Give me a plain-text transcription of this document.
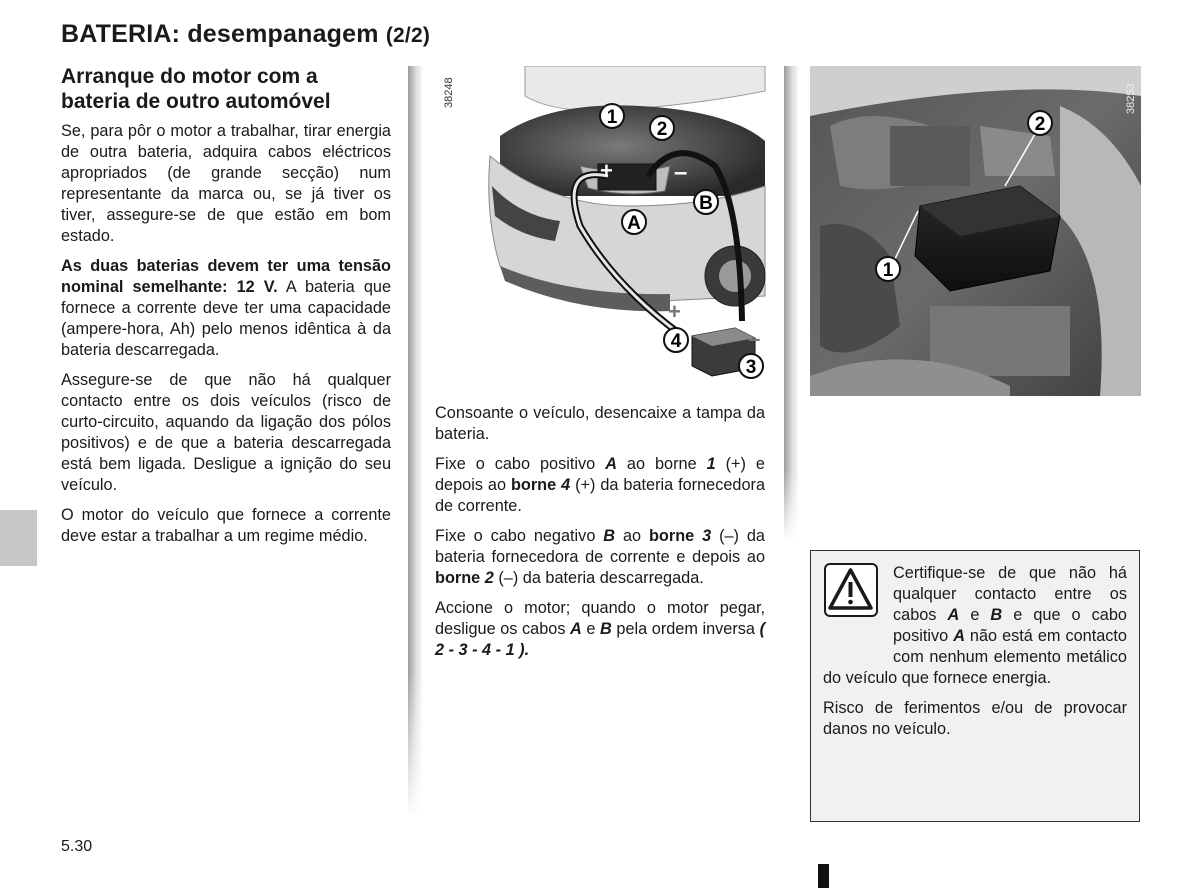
BATERIA: desempanagem (2/2)
Arranque do motor com a
bateria de outro automóvel

Se, para pôr o motor a trabalhar, tirar energia de outra bateria, adquira cabos eléctricos apropriados (de grande secção) num representante da marca ou, se já tiver os tiver, assegure-se de que estão em bom estado.

As duas baterias devem ter uma tensão nominal semelhante: 12 V. A bateria que fornece a corrente deve ter uma capacidade (ampere-hora, Ah) pelo menos idêntica à da bateria descarregada.

Assegure-se de que não há qualquer contacto entre os dois veículos (risco de curto-circuito, aquando da ligação dos pólos positivos) e de que a bateria descarregada está bem ligada. Desligue a ignição do seu veículo.

O motor do veículo que fornece a corrente deve estar a trabalhar a um regime médio.

1
2
A
B
4
3
+	–
+
–
38248
1
2
38253

Consoante o veículo, desencaixe a tampa da bateria.

Fixe o cabo positivo A ao borne 1 (+) e depois ao borne 4 (+) da bateria fornecedora de corrente.

Fixe o cabo negativo B ao borne 3 (–) da bateria fornecedora de corrente e depois ao borne 2 (–) da bateria descarregada.

Accione o motor; quando o motor pegar, desligue os cabos A e B pela ordem inversa ( 2 - 3 - 4 - 1 ).

Certifique-se de que não há qualquer contacto entre os cabos A e B e que o cabo positivo A não está em contacto com nenhum elemento metálico do veículo que fornece energia.

Risco de ferimentos e/ou de provocar danos no veículo.

5.30
